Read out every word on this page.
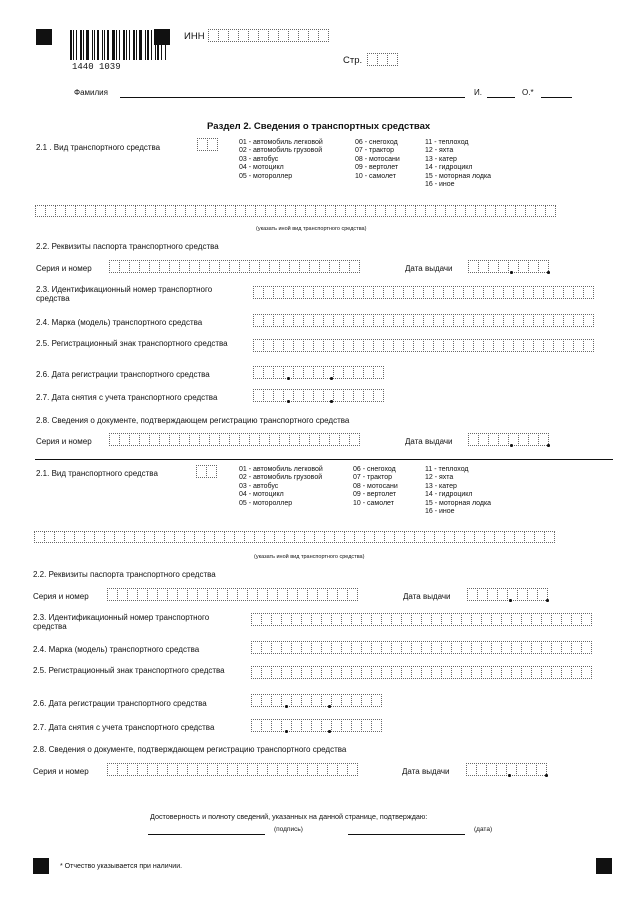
1440 1039
ИНН
Стр.
Фамилия	И.	О.*
Раздел 2. Сведения о транспортных средствах
2.1 . Вид транспортного средства
01 - автомобиль легковой
02 - автомобиль грузовой
03 - автобус
04 - мотоцикл
05 - мотороллер
06 - снегоход
07 - трактор
08 - мотосани
09 - вертолет
10 - самолет
11 - теплоход
12 - яхта
13 - катер
14 - гидроцикл
15 - моторная лодка
16 - иное
(указать иной вид транспортного средства)
2.2. Реквизиты паспорта транспортного средства
Серия и номер	Дата выдачи
2.3. Идентификационный номер транспортного средства
2.4. Марка (модель) транспортного средства
2.5. Регистрационный знак транспортного средства
2.6. Дата регистрации транспортного средства
2.7. Дата снятия с учета транспортного средства
2.8. Сведения о документе, подтверждающем регистрацию транспортного средства
Серия и номер	Дата выдачи
2.1. Вид транспортного средства	01 - автомобиль легковой
02 - автомобиль грузовой
03 - автобус
04 - мотоцикл
05 - мотороллер
06 - снегоход
07 - трактор
08 - мотосани
09 - вертолет
10 - самолет
11 - теплоход
12 - яхта
13 - катер
14 - гидроцикл
15 - моторная лодка
16 - иное
(указать иной вид транспортного средства)
2.2. Реквизиты паспорта транспортного средства
Серия и номер	Дата выдачи
2.3. Идентификационный номер транспортного средства
2.4. Марка (модель) транспортного средства
2.5. Регистрационный знак транспортного средства
2.6. Дата регистрации транспортного средства
2.7. Дата снятия с учета транспортного средства
2.8. Сведения о документе, подтверждающем регистрацию транспортного средства
Серия и номер	Дата выдачи
Достоверность и полноту сведений, указанных на данной странице, подтверждаю:
(подпись)	(дата)
* Отчество указывается при наличии.
